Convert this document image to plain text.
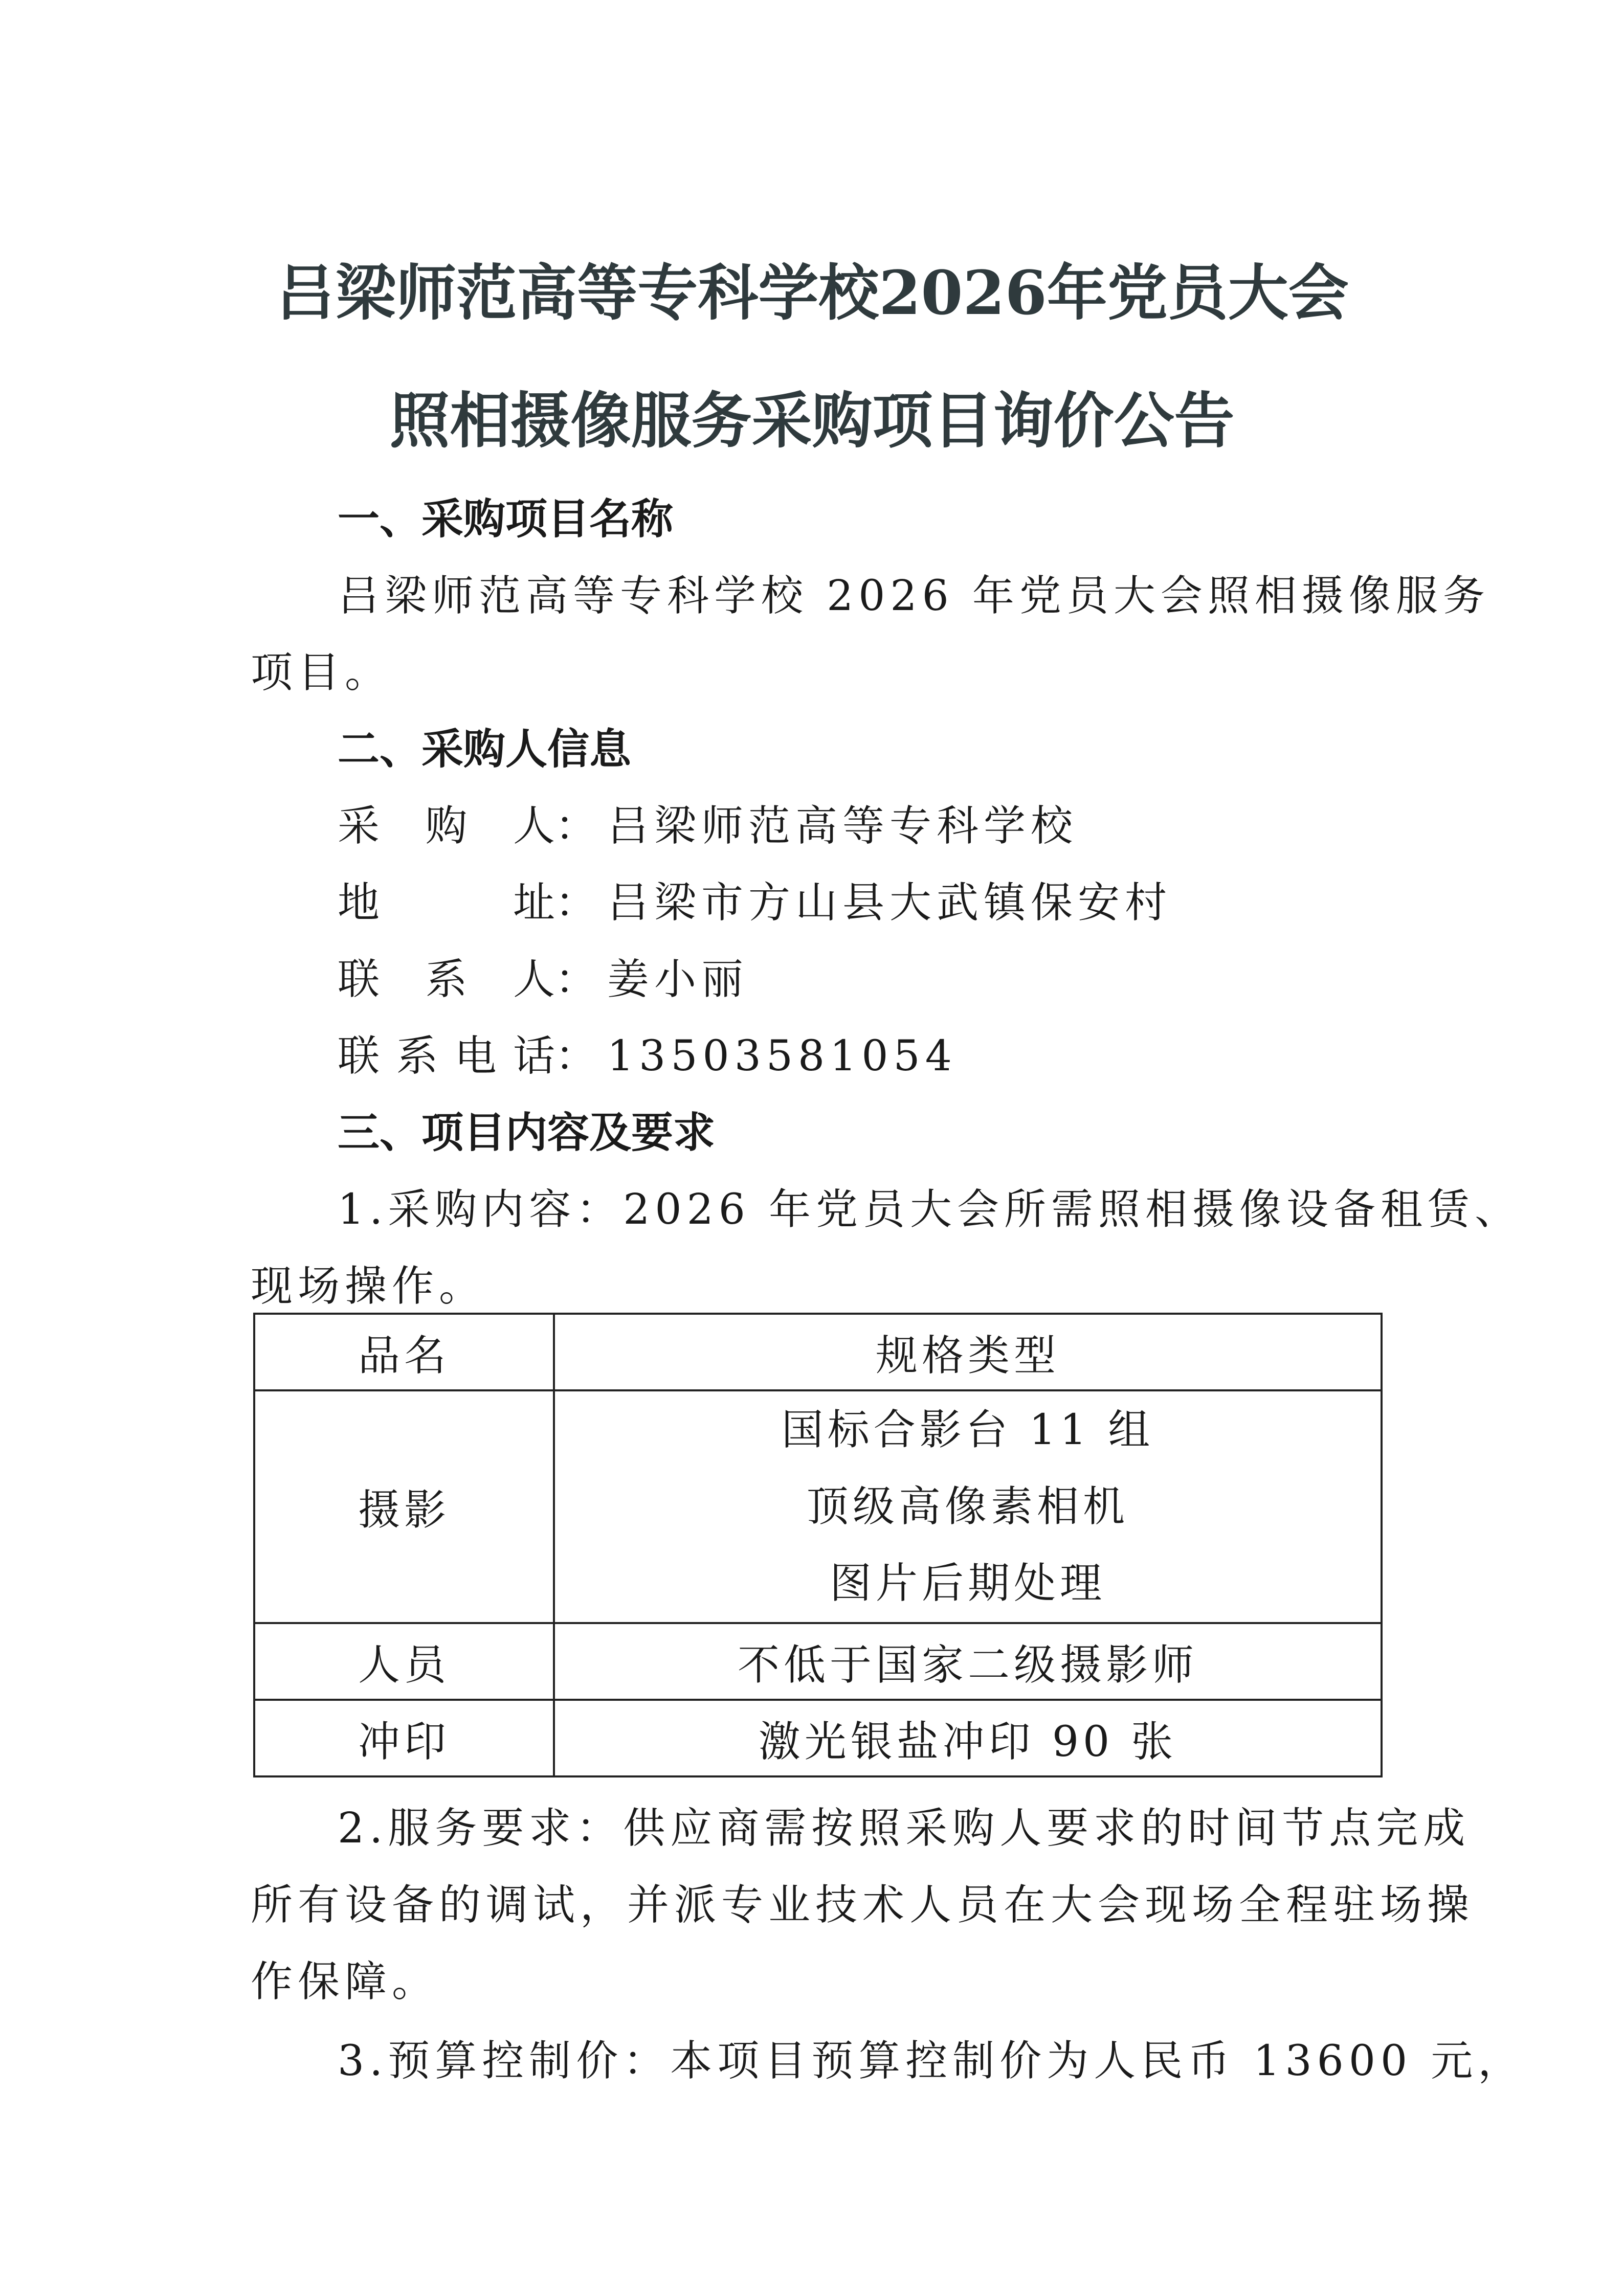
吕梁师范高等专科学校2026年党员大会
照相摄像服务采购项目询价公告
一、采购项目名称
吕梁师范高等专科学校 2026 年党员大会照相摄像服务
项目。
二、采购人信息
采购人： 吕梁师范高等专科学校
地址： 吕梁市方山县大武镇保安村
联系人： 姜小丽
联系电话： 13503581054
三、项目内容及要求
1.采购内容：2026 年党员大会所需照相摄像设备租赁、
现场操作。
品名	规格类型
摄影	国标合影台 11 组
顶级高像素相机
图片后期处理

人员	不低于国家二级摄影师
冲印	激光银盐冲印 90 张
2.服务要求：供应商需按照采购人要求的时间节点完成
所有设备的调试，并派专业技术人员在大会现场全程驻场操
作保障。
3.预算控制价：本项目预算控制价为人民币 13600 元，
